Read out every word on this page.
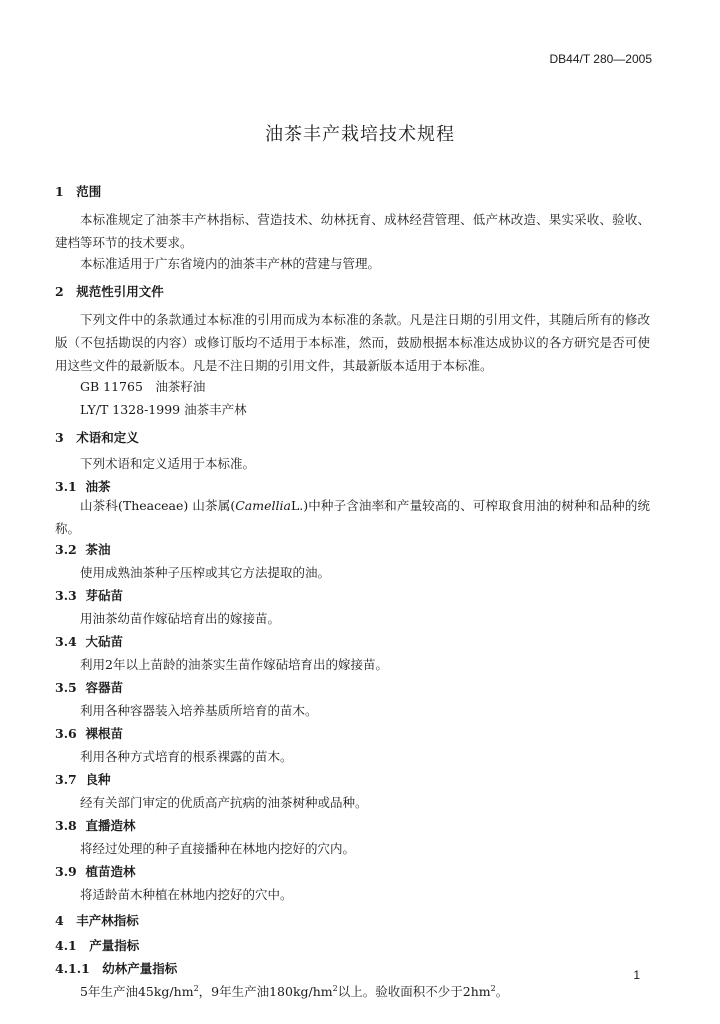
DB44/T 280—2005
油茶丰产栽培技术规程
1　范围
本标准规定了油茶丰产林指标、营造技术、幼林抚育、成林经营管理、低产林改造、果实采收、验收、建档等环节的技术要求。
本标准适用于广东省境内的油茶丰产林的营建与管理。
2　规范性引用文件
下列文件中的条款通过本标准的引用而成为本标准的条款。凡是注日期的引用文件，其随后所有的修改版（不包括勘误的内容）或修订版均不适用于本标准，然而，鼓励根据本标准达成协议的各方研究是否可使用这些文件的最新版本。凡是不注日期的引用文件，其最新版本适用于本标准。
GB 11765　油茶籽油
LY/T 1328-1999 油茶丰产林
3　术语和定义
下列术语和定义适用于本标准。
3.1 油茶
山茶科(Theaceae) 山茶属(CamelliaL.)中种子含油率和产量较高的、可榨取食用油的树种和品种的统称。
3.2 茶油
使用成熟油茶种子压榨或其它方法提取的油。
3.3 芽砧苗
用油茶幼苗作嫁砧培育出的嫁接苗。
3.4 大砧苗
利用2年以上苗龄的油茶实生苗作嫁砧培育出的嫁接苗。
3.5 容器苗
利用各种容器装入培养基质所培育的苗木。
3.6 裸根苗
利用各种方式培育的根系裸露的苗木。
3.7 良种
经有关部门审定的优质高产抗病的油茶树种或品种。
3.8 直播造林
将经过处理的种子直接播种在林地内挖好的穴内。
3.9 植苗造林
将适龄苗木种植在林地内挖好的穴中。
4　丰产林指标
4.1　产量指标
4.1.1　幼林产量指标
5年生产油$45kg/hm^2$，9年生产油$180kg/hm^2$以上。验收面积不少于$2hm^2$。
1
